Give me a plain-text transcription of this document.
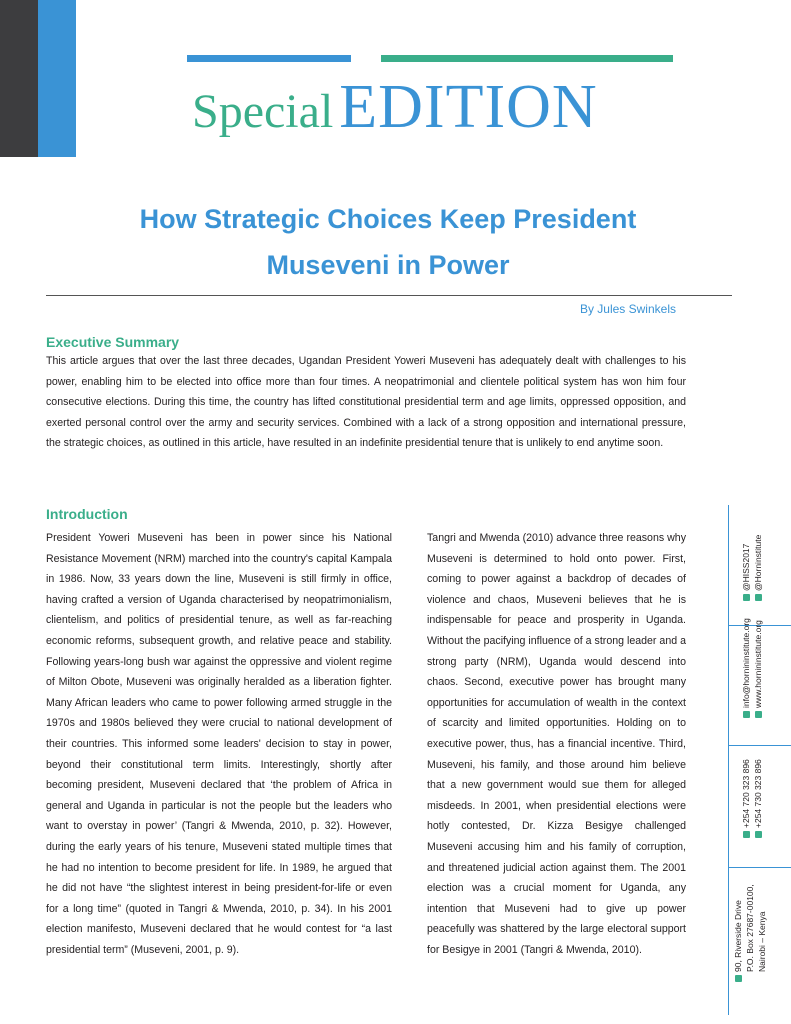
SpecialEDITION
How Strategic Choices Keep President
Museveni in Power
By Jules Swinkels
Executive Summary

This article argues that over the last three decades, Ugandan President Yoweri Museveni has adequately dealt with challenges to his power, enabling him to be elected into office more than four times. A neopatrimonial and clientele political system has won him four consecutive elections. During this time, the country has lifted constitutional presidential term and age limits, oppressed opposition, and exerted personal control over the army and security services. Combined with a lack of a strong opposition and international pressure, the strategic choices, as outlined in this article, have resulted in an indefinite presidential tenure that is unlikely to end anytime soon.

Introduction

President Yoweri Museveni has been in power since his National Resistance Movement (NRM) marched into the country's capital Kampala in 1986. Now, 33 years down the line, Museveni is still firmly in office, having crafted a version of Uganda characterised by neopatrimonialism, clientelism, and politics of presidential tenure, as well as far-reaching economic reforms, subsequent growth, and relative peace and stability. Following years-long bush war against the oppressive and violent regime of Milton Obote, Museveni was originally heralded as a liberation fighter. Many African leaders who came to power following armed struggle in the 1970s and 1980s believed they were crucial to national development of their countries. This informed some leaders' decision to stay in power, beyond their constitutional term limits. Interestingly, shortly after becoming president, Museveni declared that ‘the problem of Africa in general and Uganda in particular is not the people but the leaders who want to overstay in power’ (Tangri & Mwenda, 2010, p. 32). However, during the early years of his tenure, Museveni stated multiple times that he had no intention to become president for life. In 1989, he argued that he did not have “the slightest interest in being president-for-life or even for a long time” (quoted in Tangri & Mwenda, 2010, p. 34). In his 2001 election manifesto, Museveni declared that he would contest for “a last presidential term” (Museveni, 2001, p. 9).

Tangri and Mwenda (2010) advance three reasons why Museveni is determined to hold onto power. First, coming to power against a backdrop of decades of violence and chaos, Museveni believes that he is indispensable for peace and prosperity in Uganda. Without the pacifying influence of a strong leader and a strong party (NRM), Uganda would descend into chaos. Second, executive power has brought many opportunities for accumulation of wealth in the context of scarcity and limited opportunities. Holding on to executive power, thus, has a financial incentive. Third, Museveni, his family, and those around him believe that a new government would sue them for alleged misdeeds. In 2001, when presidential elections were hotly contested, Dr. Kizza Besigye challenged Museveni accusing him and his family of corruption, and threatened judicial action against them. The 2001 election was a crucial moment for Uganda, any intention that Museveni had to give up power peacefully was shattered by the large electoral support for Besigye in 2001 (Tangri & Mwenda, 2010).

@HISS2017 @Horninstitute
info@hornininstitute.org www.hornininstitute.org
+254 720 323 896 +254 730 323 896
90, Riverside Drive P.O. Box 27687-00100, Nairobi – Kenya
